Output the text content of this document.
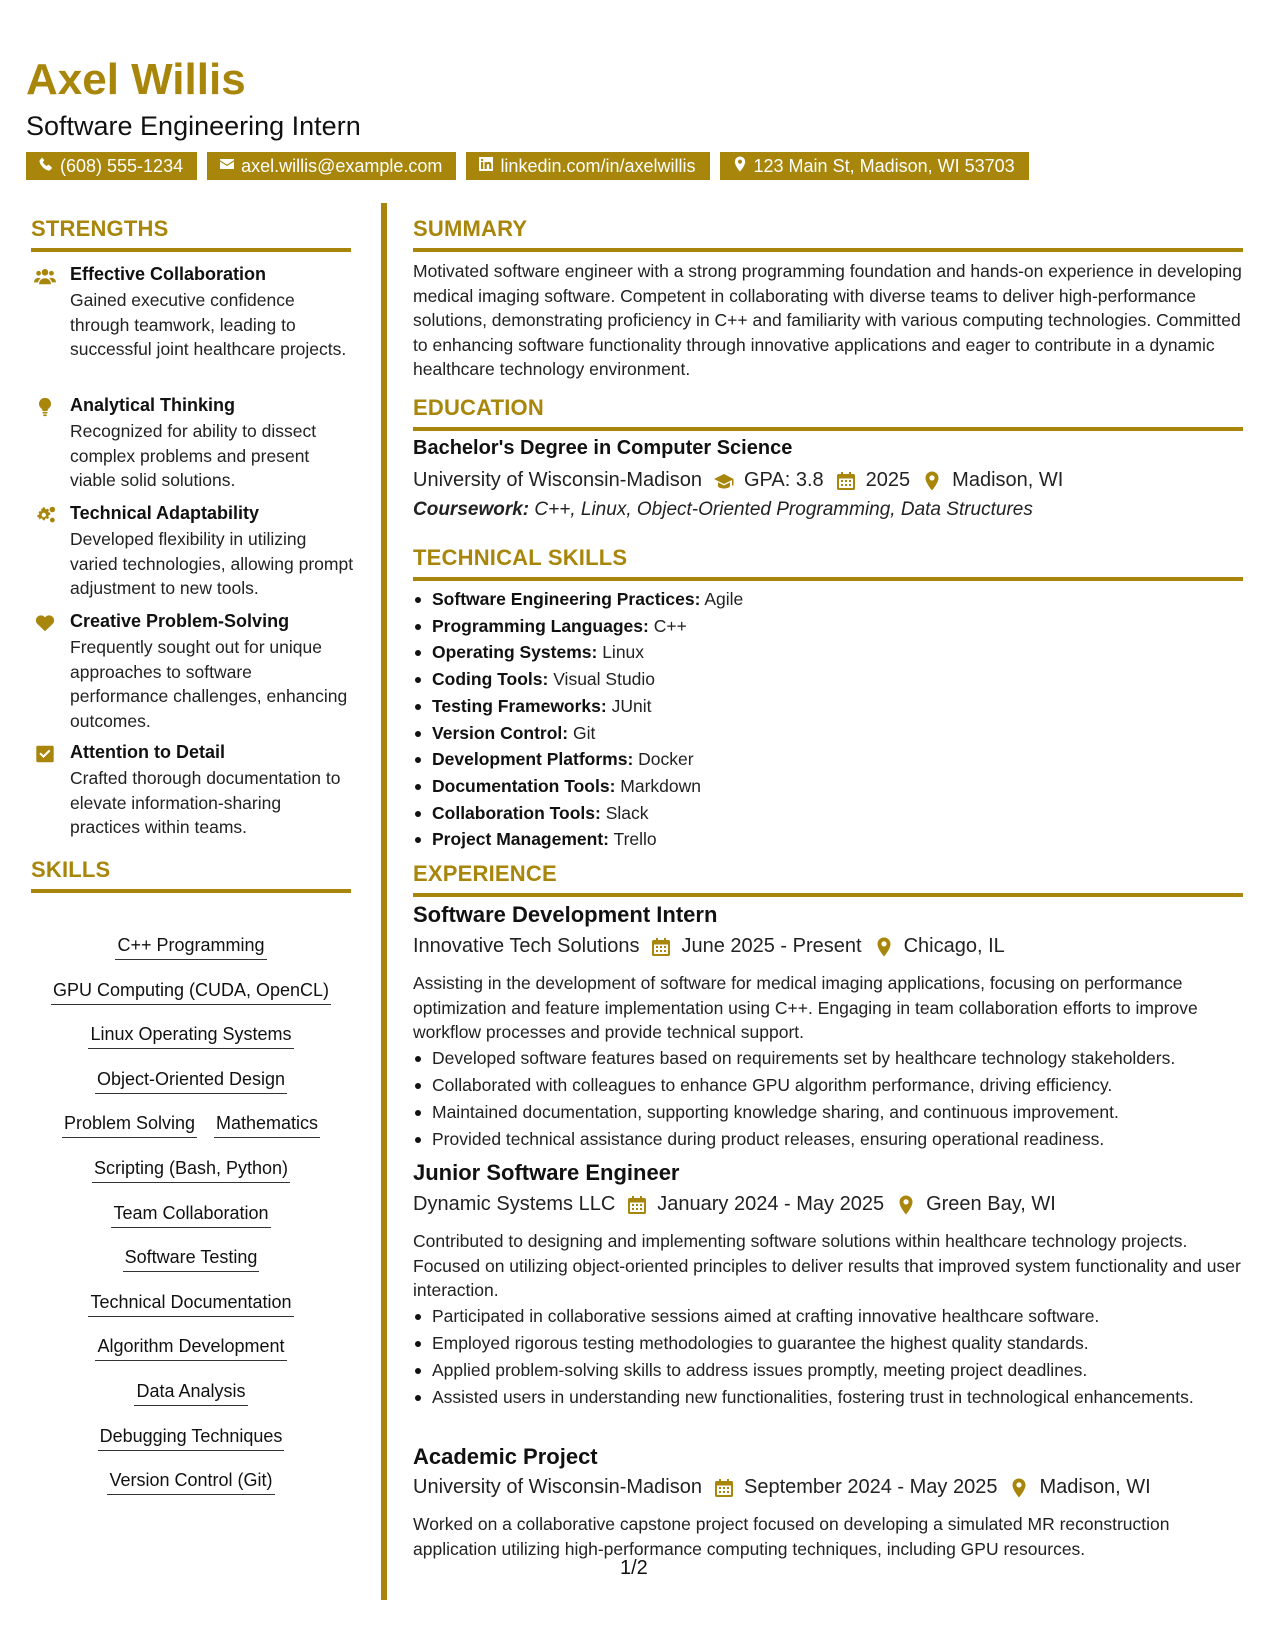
Axel Willis
Software Engineering Intern
(608) 555-1234	axel.willis@example.com	linkedin.com/in/axelwillis	123 Main St, Madison, WI 53703
STRENGTHS
Effective Collaboration
Gained executive confidence through teamwork, leading to successful joint healthcare projects.
Analytical Thinking
Recognized for ability to dissect complex problems and present viable solid solutions.
Technical Adaptability
Developed flexibility in utilizing varied technologies, allowing prompt adjustment to new tools.
Creative Problem-Solving
Frequently sought out for unique approaches to software performance challenges, enhancing outcomes.
Attention to Detail
Crafted thorough documentation to elevate information-sharing practices within teams.
SKILLS
C++ Programming
GPU Computing (CUDA, OpenCL)
Linux Operating Systems
Object-Oriented Design
Problem Solving Mathematics
Scripting (Bash, Python)
Team Collaboration
Software Testing
Technical Documentation
Algorithm Development
Data Analysis
Debugging Techniques
Version Control (Git)
SUMMARY
Motivated software engineer with a strong programming foundation and hands-on experience in developing medical imaging software. Competent in collaborating with diverse teams to deliver high-performance solutions, demonstrating proficiency in C++ and familiarity with various computing technologies. Committed to enhancing software functionality through innovative applications and eager to contribute in a dynamic healthcare technology environment.
EDUCATION
Bachelor's Degree in Computer Science
University of Wisconsin-Madison GPA: 3.8 2025 Madison, WI
Coursework: C++, Linux, Object-Oriented Programming, Data Structures
TECHNICAL SKILLS
Software Engineering Practices: Agile
Programming Languages: C++
Operating Systems: Linux
Coding Tools: Visual Studio
Testing Frameworks: JUnit
Version Control: Git
Development Platforms: Docker
Documentation Tools: Markdown
Collaboration Tools: Slack
Project Management: Trello
EXPERIENCE
Software Development Intern
Innovative Tech Solutions June 2025 - Present Chicago, IL
Assisting in the development of software for medical imaging applications, focusing on performance optimization and feature implementation using C++. Engaging in team collaboration efforts to improve workflow processes and provide technical support.
Developed software features based on requirements set by healthcare technology stakeholders.
Collaborated with colleagues to enhance GPU algorithm performance, driving efficiency.
Maintained documentation, supporting knowledge sharing, and continuous improvement.
Provided technical assistance during product releases, ensuring operational readiness.
Junior Software Engineer
Dynamic Systems LLC January 2024 - May 2025 Green Bay, WI
Contributed to designing and implementing software solutions within healthcare technology projects. Focused on utilizing object-oriented principles to deliver results that improved system functionality and user interaction.
Participated in collaborative sessions aimed at crafting innovative healthcare software.
Employed rigorous testing methodologies to guarantee the highest quality standards.
Applied problem-solving skills to address issues promptly, meeting project deadlines.
Assisted users in understanding new functionalities, fostering trust in technological enhancements.
Academic Project
University of Wisconsin-Madison September 2024 - May 2025 Madison, WI
Worked on a collaborative capstone project focused on developing a simulated MR reconstruction application utilizing high-performance computing techniques, including GPU resources.
1/2
